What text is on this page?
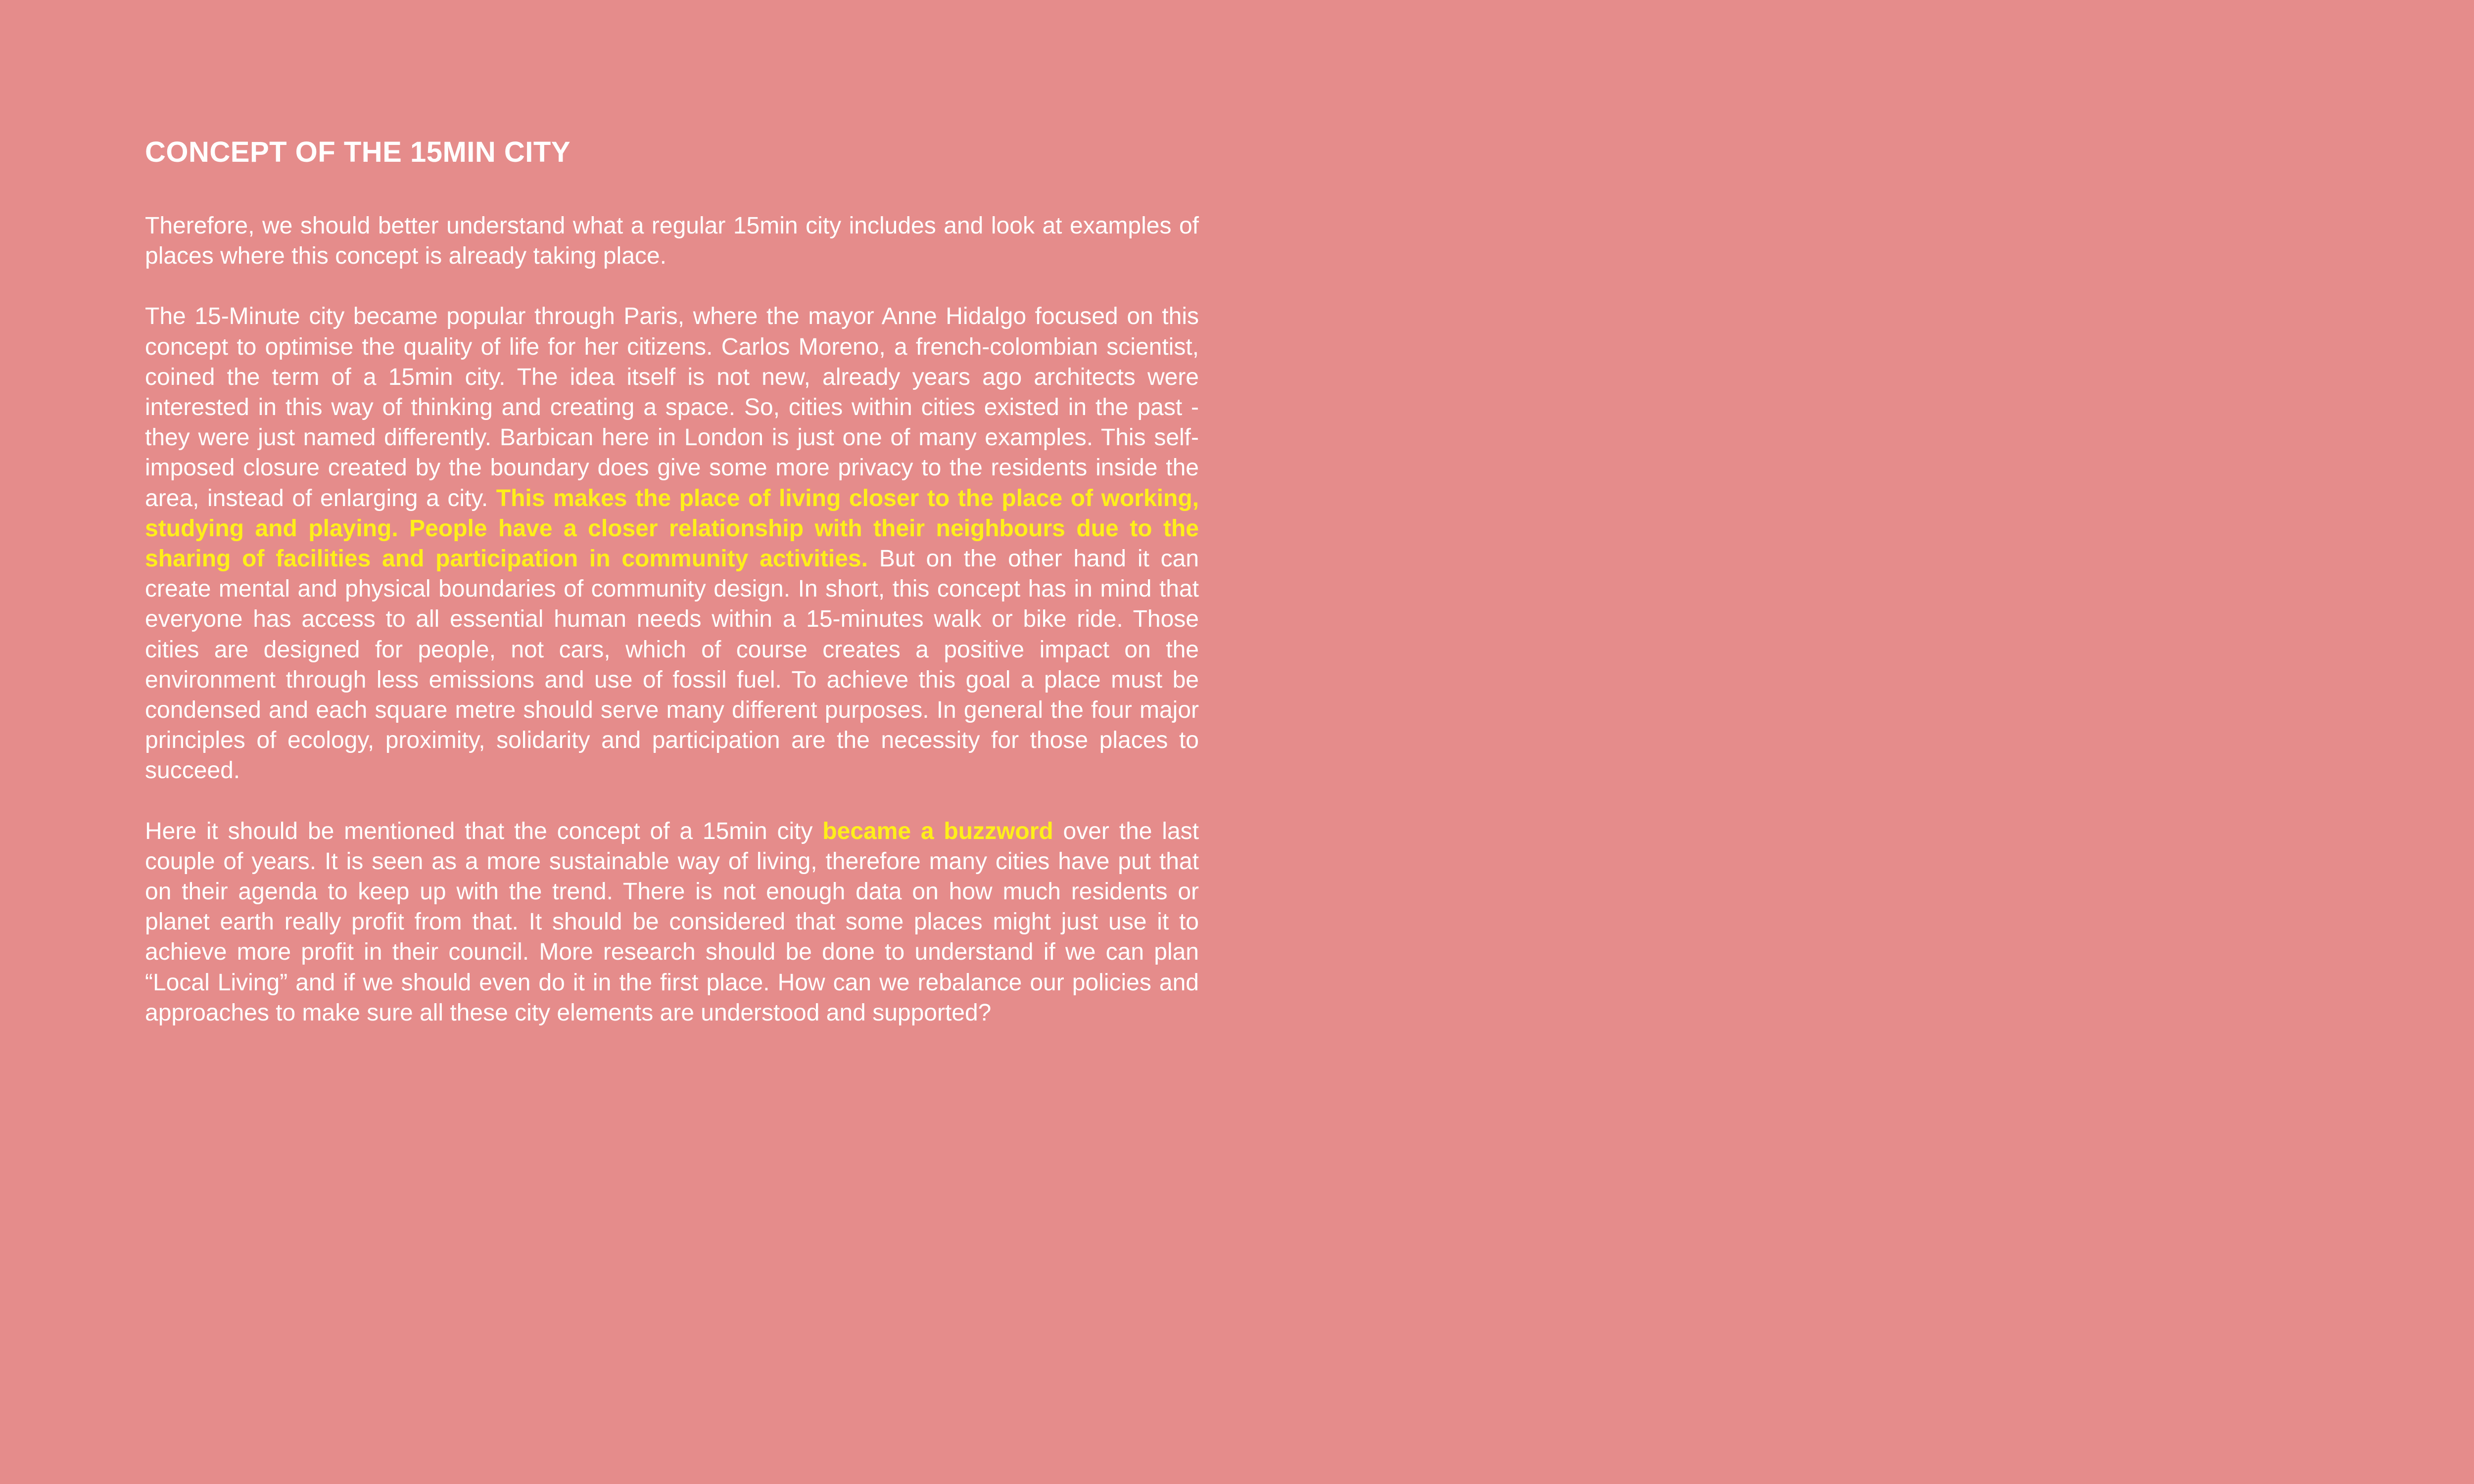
CONCEPT OF THE 15MIN CITY

Therefore, we should better understand what a regular 15min city includes and look at examples of places where this concept is already taking place.

The 15-Minute city became popular through Paris, where the mayor Anne Hidalgo focused on this concept to optimise the quality of life for her citizens. Carlos Moreno, a french-colombian scientist, coined the term of a 15min city. The idea itself is not new, already years ago architects were interested in this way of thinking and creating a space. So, cities within cities existed in the past - they were just named differently. Barbican here in London is just one of many examples. This self-imposed closure created by the boundary does give some more privacy to the residents inside the area, instead of enlarging a city. This makes the place of living closer to the place of working, studying and playing. People have a closer relationship with their neighbours due to the sharing of facilities and participation in community activities. But on the other hand it can create mental and physical boundaries of community design. In short, this concept has in mind that everyone has access to all essential human needs within a 15-minutes walk or bike ride. Those cities are designed for people, not cars, which of course creates a positive impact on the environment through less emissions and use of fossil fuel. To achieve this goal a place must be condensed and each square metre should serve many different purposes. In general the four major principles of ecology, proximity, solidarity and participation are the necessity for those places to succeed.

Here it should be mentioned that the concept of a 15min city became a buzzword over the last couple of years. It is seen as a more sustainable way of living, therefore many cities have put that on their agenda to keep up with the trend. There is not enough data on how much residents or planet earth really profit from that. It should be considered that some places might just use it to achieve more profit in their council. More research should be done to understand if we can plan “Local Living” and if we should even do it in the first place. How can we rebalance our policies and approaches to make sure all these city elements are understood and supported?
